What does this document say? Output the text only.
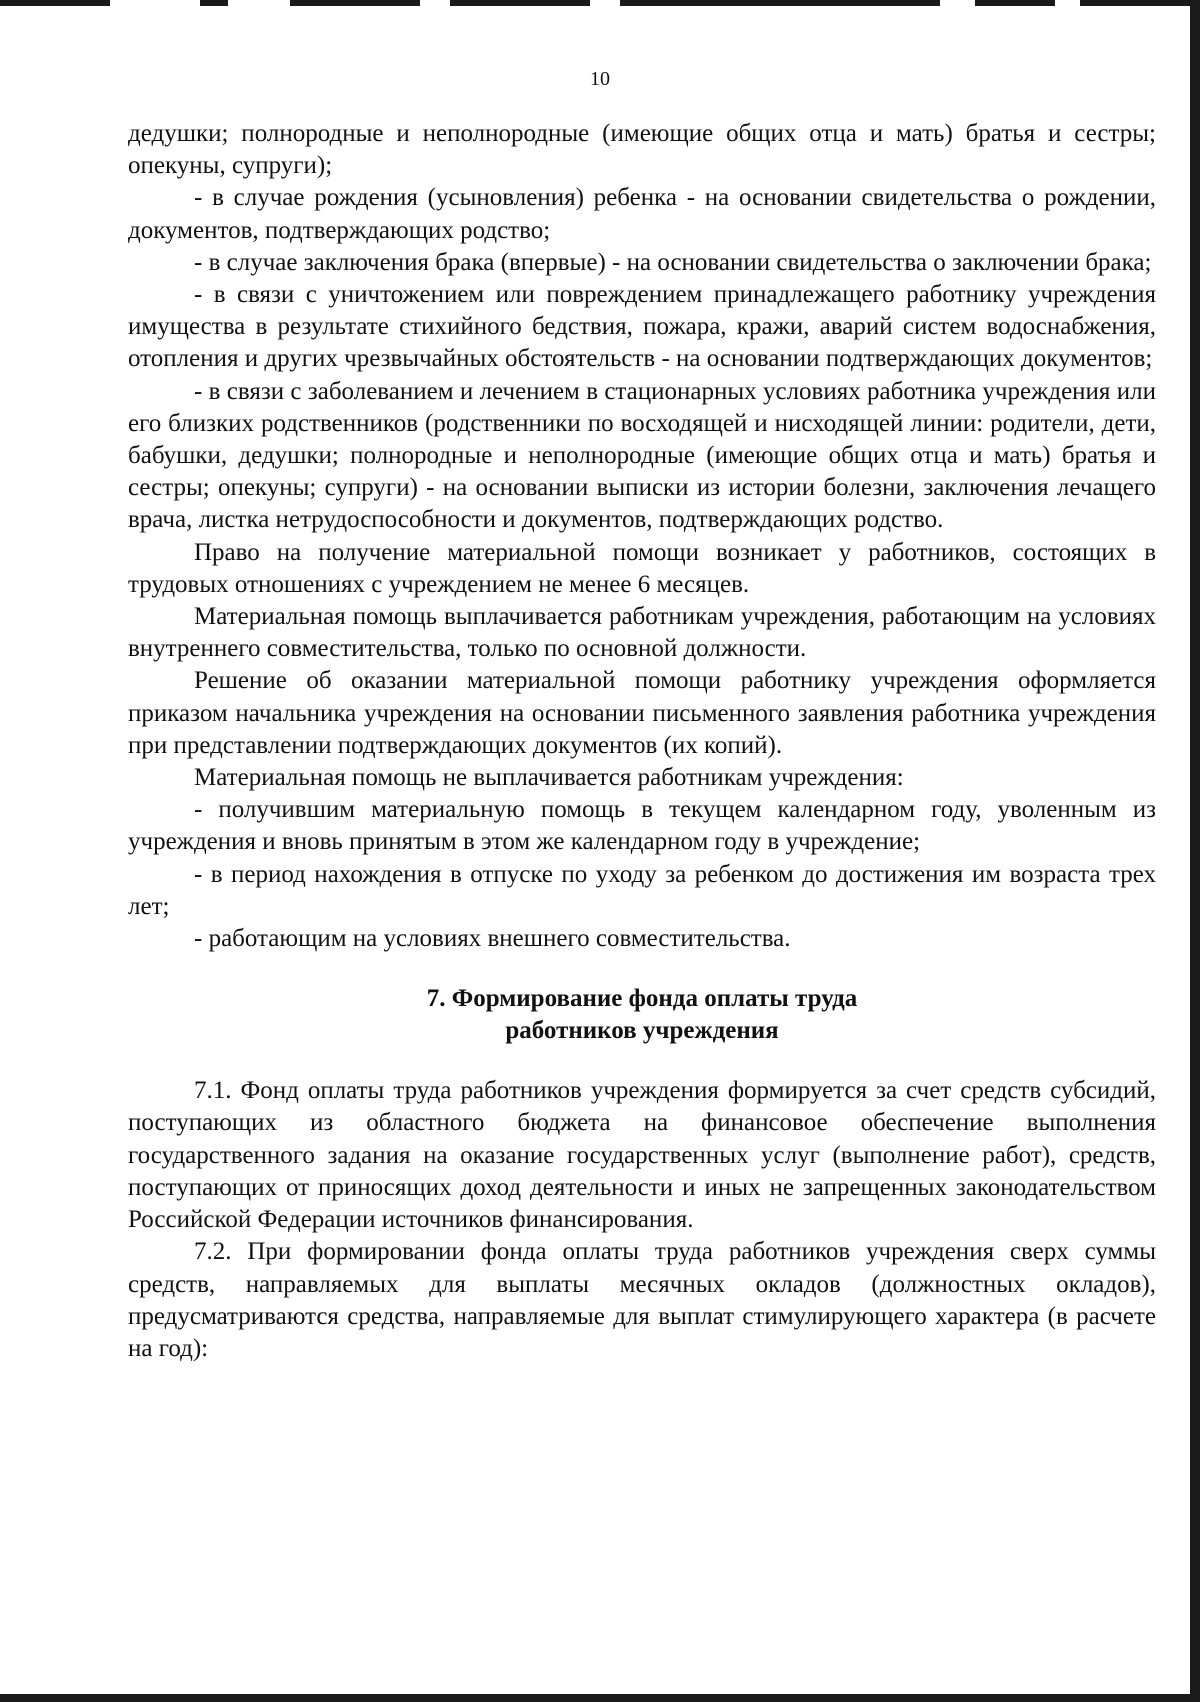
10

дедушки; полнородные и неполнородные (имеющие общих отца и мать) братья и сестры; опекуны, супруги);

- в случае рождения (усыновления) ребенка - на основании свидетельства о рождении, документов, подтверждающих родство;

- в случае заключения брака (впервые) - на основании свидетельства о заключении брака;

- в связи с уничтожением или повреждением принадлежащего работнику учреждения имущества в результате стихийного бедствия, пожара, кражи, аварий систем водоснабжения, отопления и других чрезвычайных обстоятельств - на основании подтверждающих документов;

- в связи с заболеванием и лечением в стационарных условиях работника учреждения или его близких родственников (родственники по восходящей и нисходящей линии: родители, дети, бабушки, дедушки; полнородные и неполнородные (имеющие общих отца и мать) братья и сестры; опекуны; супруги) - на основании выписки из истории болезни, заключения лечащего врача, листка нетрудоспособности и документов, подтверждающих родство.

Право на получение материальной помощи возникает у работников, состоящих в трудовых отношениях с учреждением не менее 6 месяцев.

Материальная помощь выплачивается работникам учреждения, работающим на условиях внутреннего совместительства, только по основной должности.

Решение об оказании материальной помощи работнику учреждения оформляется приказом начальника учреждения на основании письменного заявления работника учреждения при представлении подтверждающих документов (их копий).

Материальная помощь не выплачивается работникам учреждения:

- получившим материальную помощь в текущем календарном году, уволенным из учреждения и вновь принятым в этом же календарном году в учреждение;

- в период нахождения в отпуске по уходу за ребенком до достижения им возраста трех лет;

- работающим на условиях внешнего совместительства.

7. Формирование фонда оплаты труда
работников учреждения

7.1. Фонд оплаты труда работников учреждения формируется за счет средств субсидий, поступающих из областного бюджета на финансовое обеспечение выполнения государственного задания на оказание государственных услуг (выполнение работ), средств, поступающих от приносящих доход деятельности и иных не запрещенных законодательством Российской Федерации источников финансирования.

7.2. При формировании фонда оплаты труда работников учреждения сверх суммы средств, направляемых для выплаты месячных окладов (должностных окладов), предусматриваются средства, направляемые для выплат стимулирующего характера (в расчете на год):
